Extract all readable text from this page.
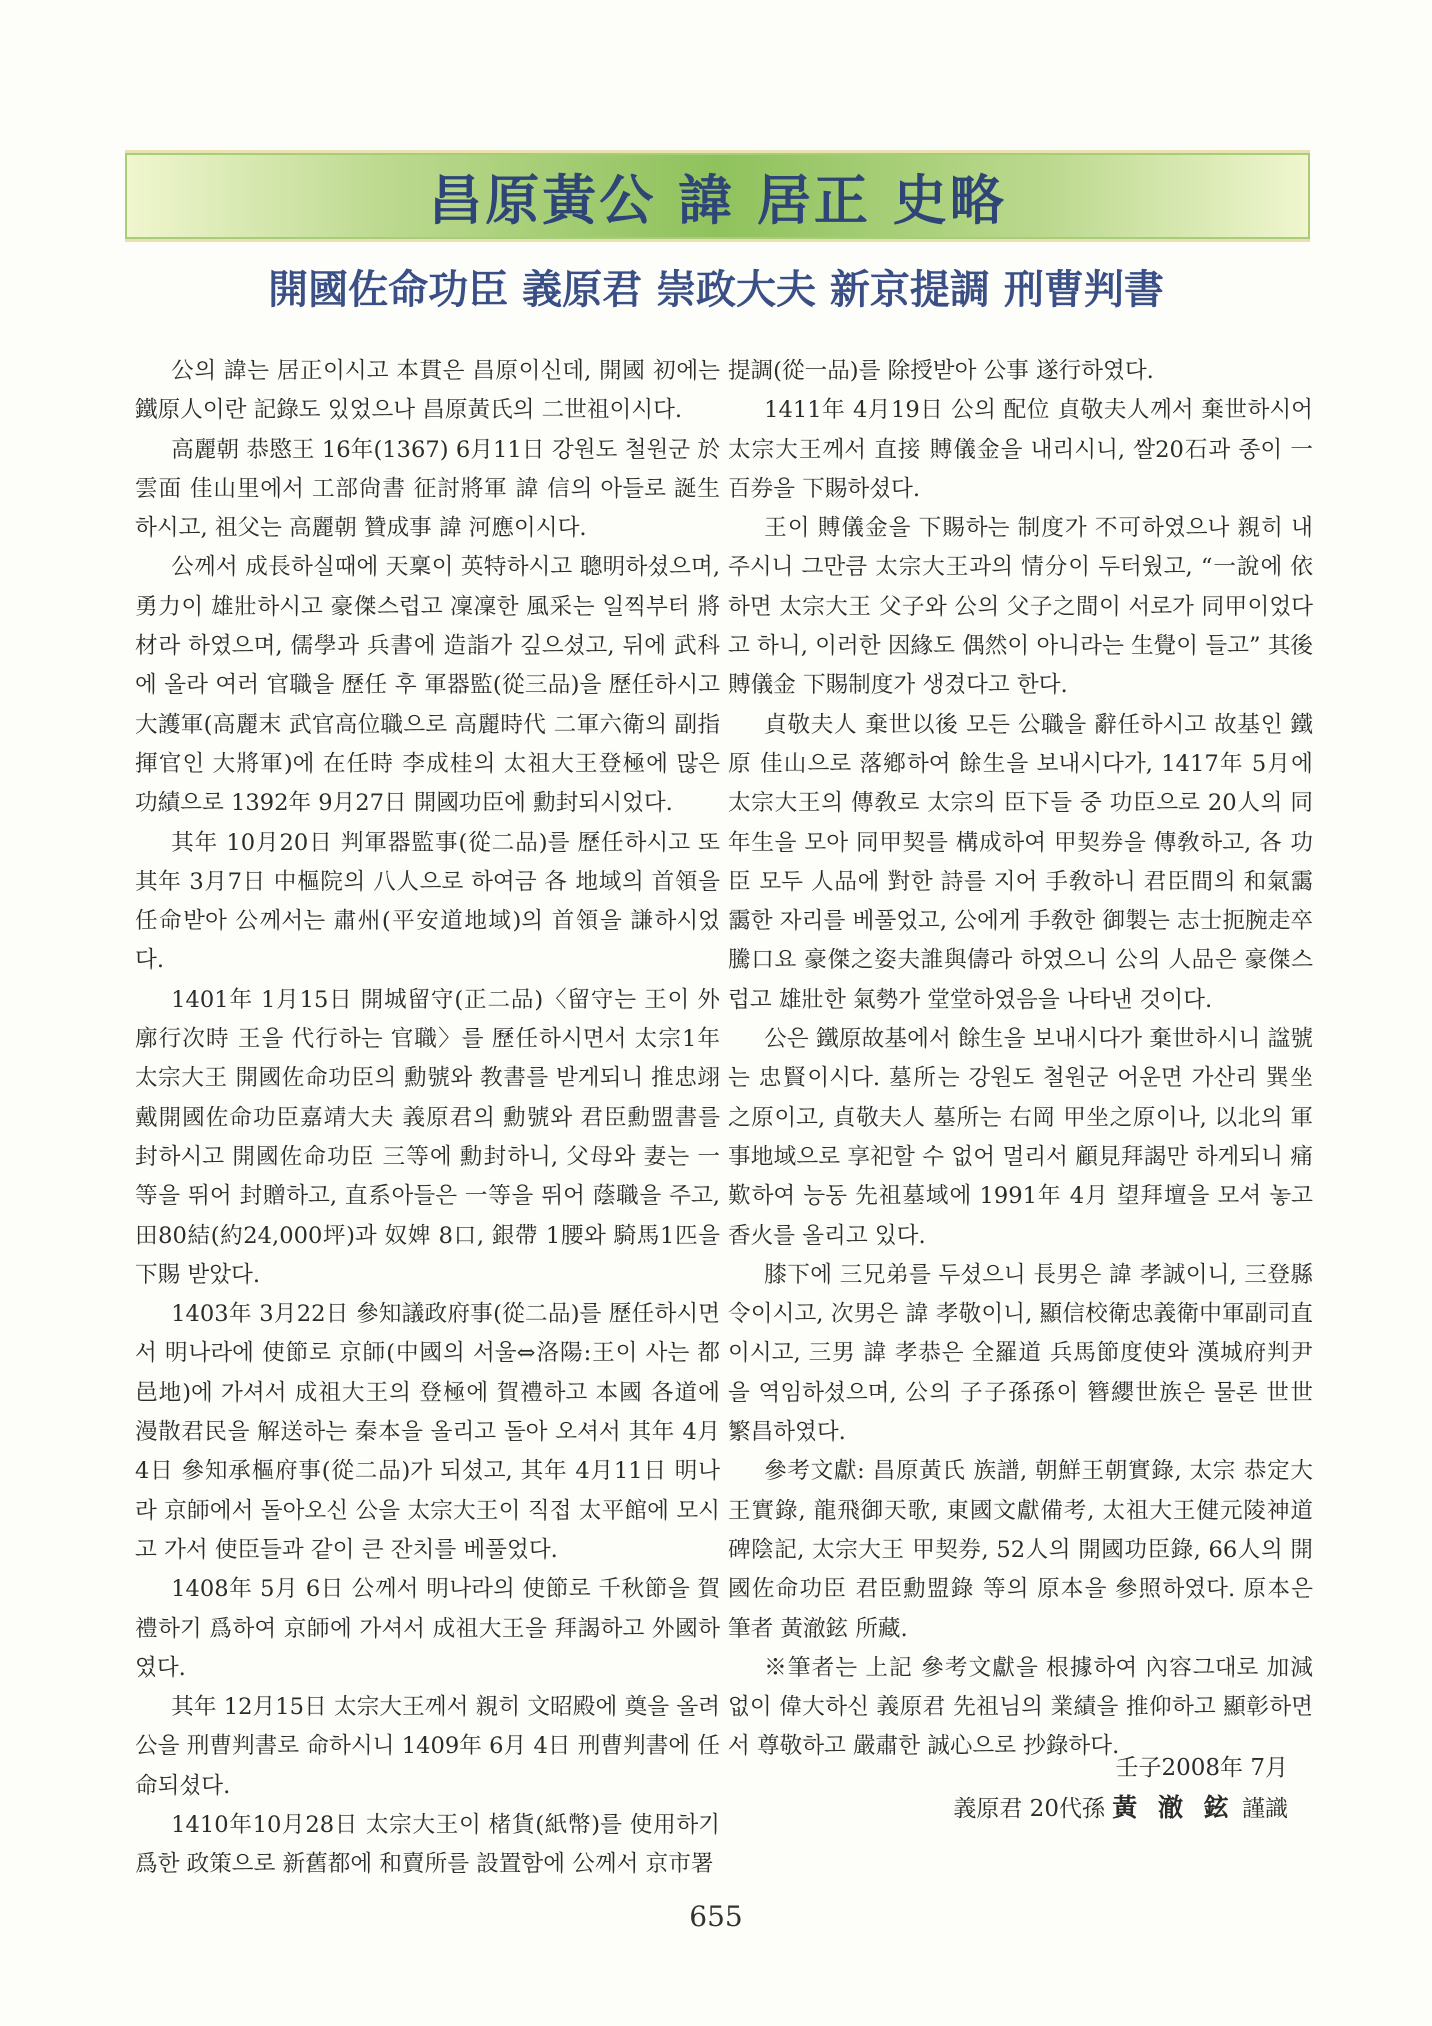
昌原黃公 諱 居正 史略
開國佐命功臣 義原君 崇政大夫 新京提調 刑曹判書

公의 諱는 居正이시고 本貫은 昌原이신데, 開國 初에는 鐵原人이란 記錄도 있었으나 昌原黃氏의 二世祖이시다.

高麗朝 恭愍王 16年(1367) 6月11日 강원도 철원군 於雲面 佳山里에서 工部尙書 征討將軍 諱 信의 아들로 誕生하시고, 祖父는 高麗朝 贊成事 諱 河應이시다.

公께서 成長하실때에 天稟이 英特하시고 聰明하셨으며, 勇力이 雄壯하시고 豪傑스럽고 凜凜한 風采는 일찍부터 將材라 하였으며, 儒學과 兵書에 造詣가 깊으셨고, 뒤에 武科에 올라 여러 官職을 歷任 후 軍器監(從三品)을 歷任하시고 大護軍(高麗末 武官高位職으로 高麗時代 二軍六衛의 副指揮官인 大將軍)에 在任時 李成桂의 太祖大王登極에 많은 功績으로 1392年 9月27日 開國功臣에 勳封되시었다.

其年 10月20日 判軍器監事(從二品)를 歷任하시고 또 其年 3月7日 中樞院의 八人으로 하여금 各 地域의 首領을 任命받아 公께서는 肅州(平安道地域)의 首領을 謙하시었다.

1401年 1月15日 開城留守(正二品)〈留守는 王이 外廓行次時 王을 代行하는 官職〉를 歷任하시면서 太宗1年 太宗大王 開國佐命功臣의 勳號와 教書를 받게되니 推忠翊戴開國佐命功臣嘉靖大夫 義原君의 勳號와 君臣勳盟書를 封하시고 開國佐命功臣 三等에 勳封하니, 父母와 妻는 一等을 뛰어 封贈하고, 直系아들은 一等을 뛰어 蔭職을 주고, 田80結(約24,000坪)과 奴婢 8口, 銀帶 1腰와 騎馬1匹을 下賜 받았다.

1403年 3月22日 參知議政府事(從二品)를 歷任하시면서 明나라에 使節로 京師(中國의 서울⇔洛陽:王이 사는 都邑地)에 가셔서 成祖大王의 登極에 賀禮하고 本國 各道에 漫散君民을 解送하는 秦本을 올리고 돌아 오셔서 其年 4月4日 參知承樞府事(從二品)가 되셨고, 其年 4月11日 明나라 京師에서 돌아오신 公을 太宗大王이 직접 太平館에 모시고 가서 使臣들과 같이 큰 잔치를 베풀었다.

1408年 5月 6日 公께서 明나라의 使節로 千秋節을 賀禮하기 爲하여 京師에 가셔서 成祖大王을 拜謁하고 外國하였다.

其年 12月15日 太宗大王께서 親히 文昭殿에 奠을 올려 公을 刑曹判書로 命하시니 1409年 6月 4日 刑曹判書에 任命되셨다.

1410年10月28日 太宗大王이 楮貨(紙幣)를 使用하기 爲한 政策으로 新舊都에 和賣所를 設置함에 公께서 京市署

提調(從一品)를 除授받아 公事 遂行하였다.

1411年 4月19日 公의 配位 貞敬夫人께서 棄世하시어 太宗大王께서 直接 賻儀金을 내리시니, 쌀20石과 종이 一百券을 下賜하셨다.

王이 賻儀金을 下賜하는 制度가 不可하였으나 親히 내주시니 그만큼 太宗大王과의 情分이 두터웠고, “一說에 依하면 太宗大王 父子와 公의 父子之間이 서로가 同甲이었다고 하니, 이러한 因緣도 偶然이 아니라는 生覺이 들고” 其後 賻儀金 下賜制度가 생겼다고 한다.

貞敬夫人 棄世以後 모든 公職을 辭任하시고 故基인 鐵原 佳山으로 落鄕하여 餘生을 보내시다가, 1417年 5月에 太宗大王의 傳敎로 太宗의 臣下들 중 功臣으로 20人의 同年生을 모아 同甲契를 構成하여 甲契券을 傳敎하고, 各 功臣 모두 人品에 對한 詩를 지어 手敎하니 君臣間의 和氣靄靄한 자리를 베풀었고, 公에게 手敎한 御製는 志士扼腕走卒騰口요 豪傑之姿夫誰與儔라 하였으니 公의 人品은 豪傑스럽고 雄壯한 氣勢가 堂堂하였음을 나타낸 것이다.

公은 鐵原故基에서 餘生을 보내시다가 棄世하시니 諡號는 忠賢이시다. 墓所는 강원도 철원군 어운면 가산리 巽坐之原이고, 貞敬夫人 墓所는 右岡 甲坐之原이나, 以北의 軍事地域으로 享祀할 수 없어 멀리서 顧見拜謁만 하게되니 痛歎하여 능동 先祖墓域에 1991年 4月 望拜壇을 모셔 놓고 香火를 올리고 있다.

膝下에 三兄弟를 두셨으니 長男은 諱 孝誠이니, 三登縣令이시고, 次男은 諱 孝敬이니, 顯信校衛忠義衛中軍副司直이시고, 三男 諱 孝恭은 全羅道 兵馬節度使와 漢城府判尹을 역임하셨으며, 公의 子子孫孫이 簪纓世族은 물론 世世 繁昌하였다.

參考文獻: 昌原黃氏 族譜, 朝鮮王朝實錄, 太宗 恭定大王實錄, 龍飛御天歌, 東國文獻備考, 太祖大王健元陵神道碑陰記, 太宗大王 甲契券, 52人의 開國功臣錄, 66人의 開國佐命功臣 君臣勳盟錄 等의 原本을 參照하였다. 原本은 筆者 黃澈鉉 所藏.

※筆者는 上記 參考文獻을 根據하여 內容그대로 加減없이 偉大하신 義原君 先祖님의 業績을 推仰하고 顯彰하면서 尊敬하고 嚴肅한 誠心으로 抄錄하다.

壬子2008年 7月
義原君 20代孫 黃 澈 鉉 謹識
655
